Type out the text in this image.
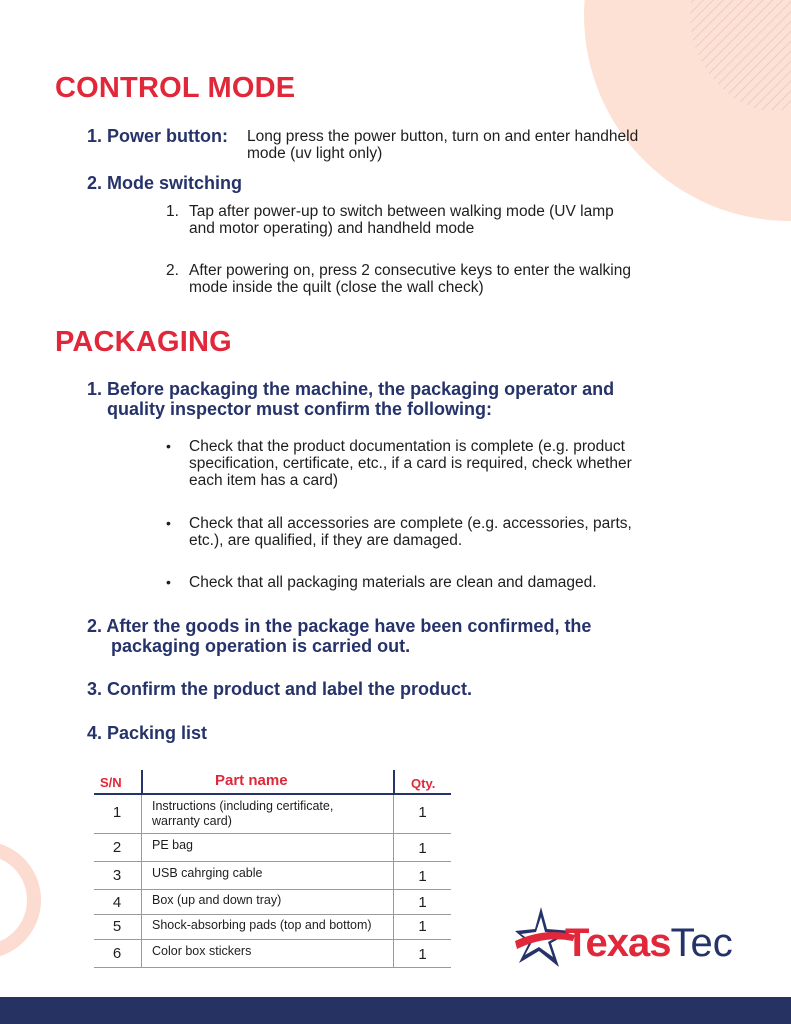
CONTROL MODE
1. Power button: Long press the power button, turn on and enter handheld
mode (uv light only)
2. Mode switching
1. Tap after power-up to switch between walking mode (UV lamp
and motor operating) and handheld mode
2. After powering on, press 2 consecutive keys to enter the walking
mode inside the quilt (close the wall check)
PACKAGING
1. Before packaging the machine, the packaging operator and
quality inspector must confirm the following:
• Check that the product documentation is complete (e.g. product
specification, certificate, etc., if a card is required, check whether
each item has a card)
• Check that all accessories are complete (e.g. accessories, parts,
etc.), are qualified, if they are damaged.
• Check that all packaging materials are clean and damaged.
2. After the goods in the package have been confirmed, the
packaging operation is carried out.
3. Confirm the product and label the product.
4. Packing list
S/N	Part name	Qty.
1	Instructions (including certificate,
warranty card)	1
2	PE bag	1
3	USB cahrging cable	1
4	Box (up and down tray)	1
5	Shock-absorbing pads (top and bottom)	1
6	Color box stickers	1	TexasTec
